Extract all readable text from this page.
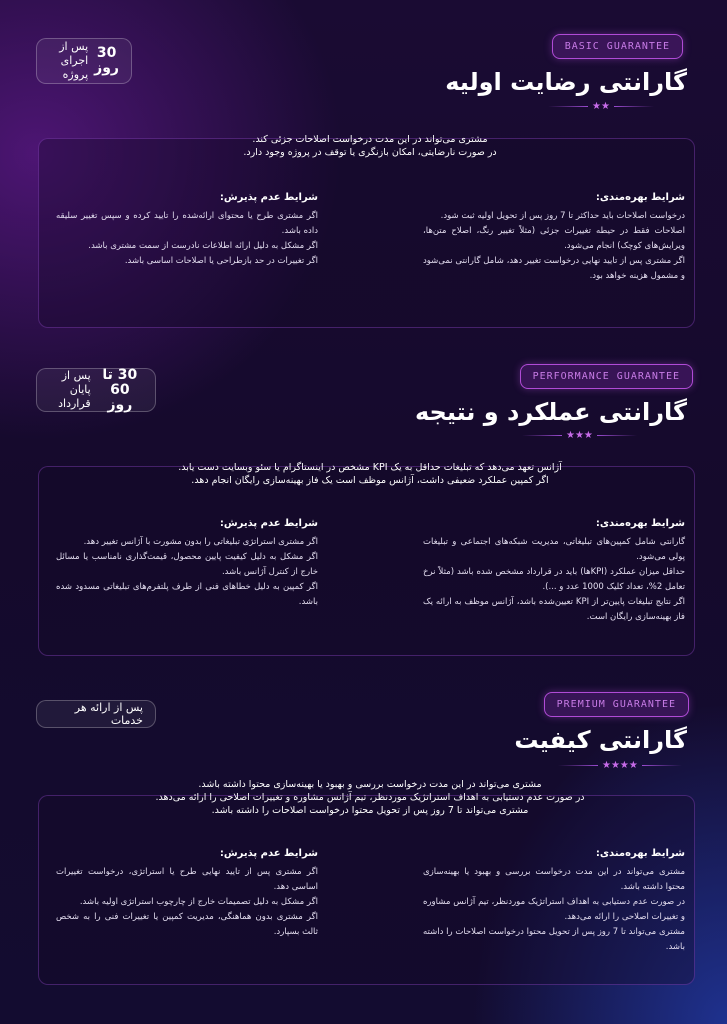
BASIC GUARANTEE
30
روز
پس از اجرای
پروژه	گارانتی رضایت اولیه
★★
مشتری می‌تواند در این مدت درخواست اصلاحات جزئی کند.
در صورت نارضایتی، امکان بازنگری یا توقف در پروژه وجود دارد.
شرایط بهره‌مندی:

درخواست اصلاحات باید حداکثر تا 7 روز پس از تحویل اولیه ثبت شود.

اصلاحات فقط در حیطه تغییرات جزئی (مثلاً تغییر رنگ، اصلاح متن‌ها، ویرایش‌های کوچک) انجام می‌شود.

اگر مشتری پس از تایید نهایی درخواست تغییر دهد، شامل گارانتی نمی‌شود و مشمول هزینه خواهد بود.

شرایط عدم پذیرش:

اگر مشتری طرح یا محتوای ارائه‌شده را تایید کرده و سپس تغییر سلیقه داده باشد.

اگر مشکل به دلیل ارائه اطلاعات نادرست از سمت مشتری باشد.

اگر تغییرات در حد بازطراحی یا اصلاحات اساسی باشد.

PERFORMANCE GUARANTEE
30 تا 60
روز
پس از پایان
قرارداد	گارانتی عملکرد و نتیجه
★★★
آژانس تعهد می‌دهد که تبلیغات حداقل به یک KPI مشخص در اینستاگرام یا سئو وبسایت دست یابد.
اگر کمپین عملکرد ضعیفی داشت، آژانس موظف است یک فاز بهینه‌سازی رایگان انجام دهد.
شرایط بهره‌مندی:

گارانتی شامل کمپین‌های تبلیغاتی، مدیریت شبکه‌های اجتماعی و تبلیغات پولی می‌شود.

حداقل میزان عملکرد (KPIها) باید در قرارداد مشخص شده باشد (مثلاً نرخ تعامل 2%، تعداد کلیک 1000 عدد و ...).

اگر نتایج تبلیغات پایین‌تر از KPI تعیین‌شده باشد، آژانس موظف به ارائه یک فاز بهینه‌سازی رایگان است.

شرایط عدم پذیرش:

اگر مشتری استراتژی تبلیغاتی را بدون مشورت با آژانس تغییر دهد.

اگر مشکل به دلیل کیفیت پایین محصول، قیمت‌گذاری نامناسب یا مسائل خارج از کنترل آژانس باشد.

اگر کمپین به دلیل خطاهای فنی از طرف پلتفرم‌های تبلیغاتی مسدود شده باشد.

PREMIUM GUARANTEE
پس از ارائه هر خدمات
گارانتی کیفیت
★★★★
مشتری می‌تواند در این مدت درخواست بررسی و بهبود یا بهینه‌سازی محتوا داشته باشد.
در صورت عدم دستیابی به اهداف استراتژیک موردنظر، تیم آژانس مشاوره و تغییرات اصلاحی را ارائه می‌دهد.
مشتری می‌تواند تا 7 روز پس از تحویل محتوا درخواست اصلاحات را داشته باشد.
شرایط بهره‌مندی:

مشتری می‌تواند در این مدت درخواست بررسی و بهبود یا بهینه‌سازی محتوا داشته باشد.

در صورت عدم دستیابی به اهداف استراتژیک موردنظر، تیم آژانس مشاوره و تغییرات اصلاحی را ارائه می‌دهد.

مشتری می‌تواند تا 7 روز پس از تحویل محتوا درخواست اصلاحات را داشته باشد.

شرایط عدم پذیرش:

اگر مشتری پس از تایید نهایی طرح یا استراتژی، درخواست تغییرات اساسی دهد.

اگر مشکل به دلیل تصمیمات خارج از چارچوب استراتژی اولیه باشد.

اگر مشتری بدون هماهنگی، مدیریت کمپین یا تغییرات فنی را به شخص ثالث بسپارد.
